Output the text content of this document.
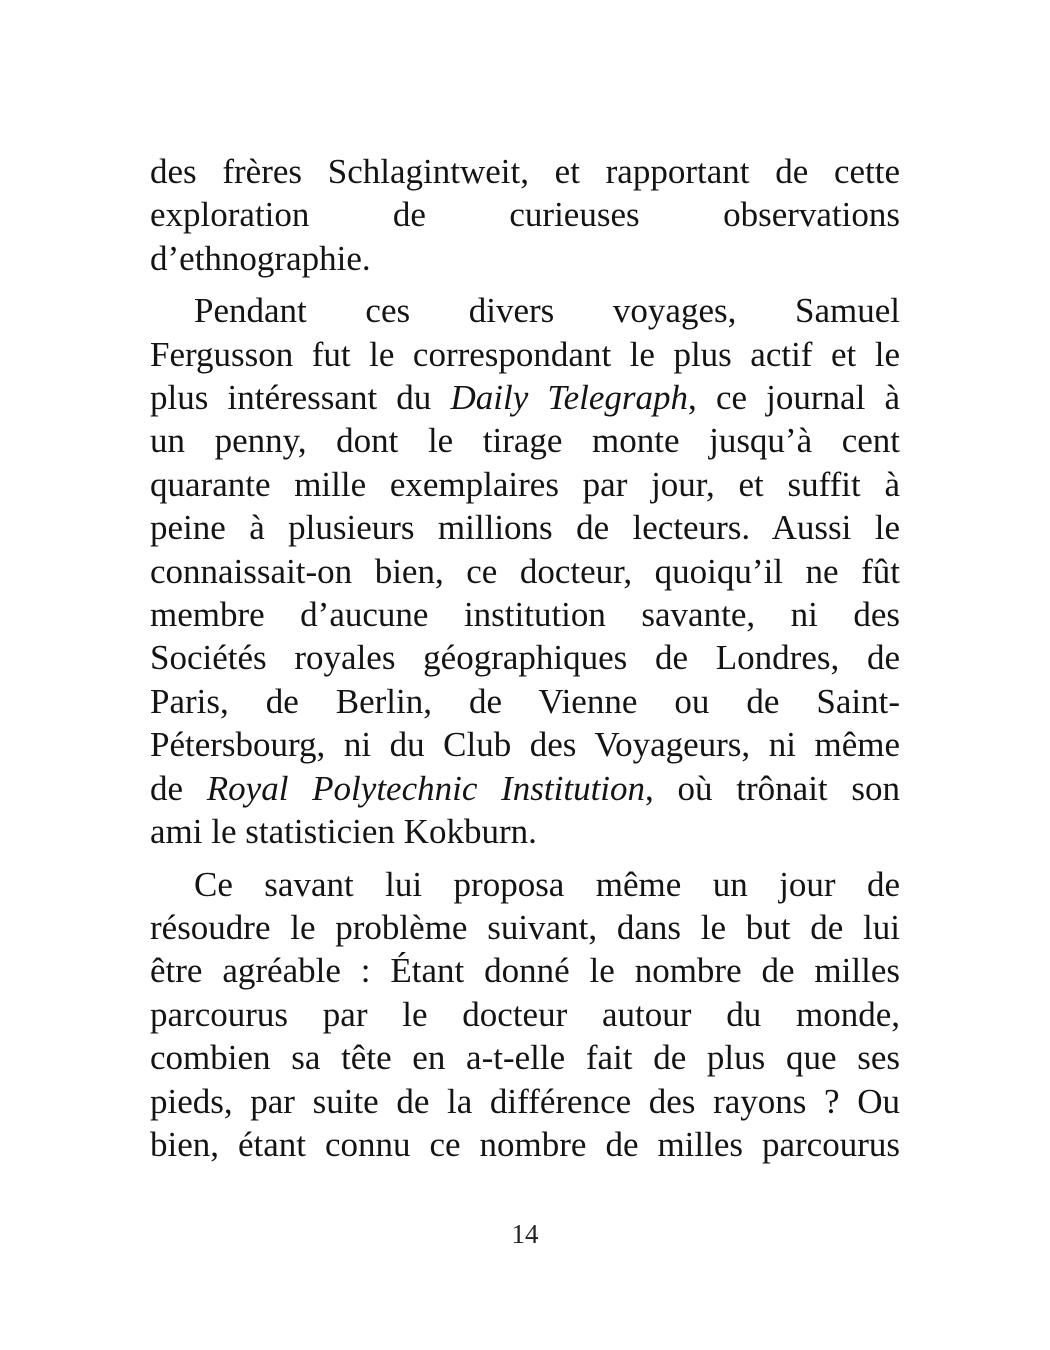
des frères Schlagintweit, et rapportant de cette
exploration de curieuses observations
d’ethnographie.

Pendant ces divers voyages, Samuel
Fergusson fut le correspondant le plus actif et le
plus intéressant du Daily Telegraph, ce journal à
un penny, dont le tirage monte jusqu’à cent
quarante mille exemplaires par jour, et suffit à
peine à plusieurs millions de lecteurs. Aussi le
connaissait-on bien, ce docteur, quoiqu’il ne fût
membre d’aucune institution savante, ni des
Sociétés royales géographiques de Londres, de
Paris, de Berlin, de Vienne ou de Saint-
Pétersbourg, ni du Club des Voyageurs, ni même
de Royal Polytechnic Institution, où trônait son
ami le statisticien Kokburn.

Ce savant lui proposa même un jour de
résoudre le problème suivant, dans le but de lui
être agréable : Étant donné le nombre de milles
parcourus par le docteur autour du monde,
combien sa tête en a-t-elle fait de plus que ses
pieds, par suite de la différence des rayons ? Ou
bien, étant connu ce nombre de milles parcourus

14
